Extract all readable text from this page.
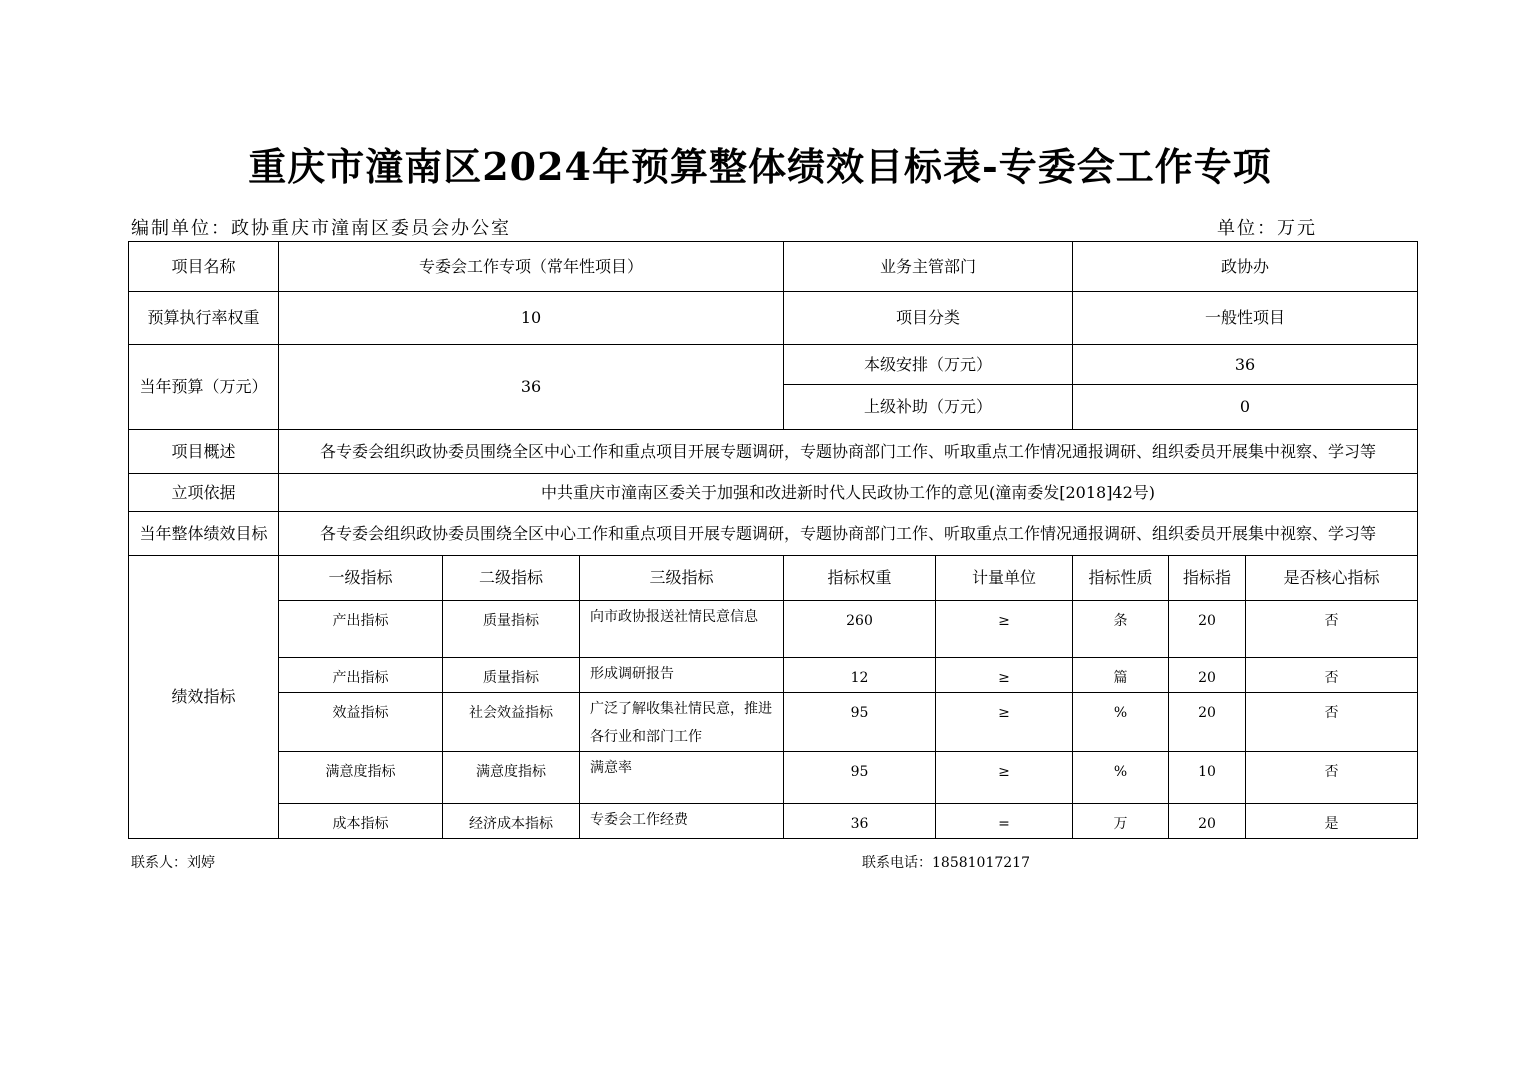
重庆市潼南区2024年预算整体绩效目标表-专委会工作专项
编制单位：政协重庆市潼南区委员会办公室	单位：万元
项目名称	专委会工作专项（常年性项目）			业务主管部门		政协办		
预算执行率权重	10			项目分类		一般性项目		
当年预算（万元）	36			本级安排（万元）		36		
				上级补助（万元）		0		
项目概述	各专委会组织政协委员围绕全区中心工作和重点项目开展专题调研，专题协商部门工作、听取重点工作情况通报调研、组织委员开展集中视察、学习等							
立项依据	中共重庆市潼南区委关于加强和改进新时代人民政协工作的意见(潼南委发[2018]42号)							
当年整体绩效目标	各专委会组织政协委员围绕全区中心工作和重点项目开展专题调研，专题协商部门工作、听取重点工作情况通报调研、组织委员开展集中视察、学习等							
绩效指标	一级指标	二级指标	三级指标	指标权重	计量单位	指标性质	指标指	是否核心指标
	产出指标	质量指标	向市政协报送社情民意信息	260	≥	条	20	否
	产出指标	质量指标	形成调研报告	12	≥	篇	20	否
	效益指标	社会效益指标	广泛了解收集社情民意，推进各行业和部门工作	95	≥	%	20	否
	满意度指标	满意度指标	满意率	95	≥	%	10	否
	成本指标	经济成本指标	专委会工作经费	36	=	万	20	是
联系人：刘婷	联系电话：18581017217
